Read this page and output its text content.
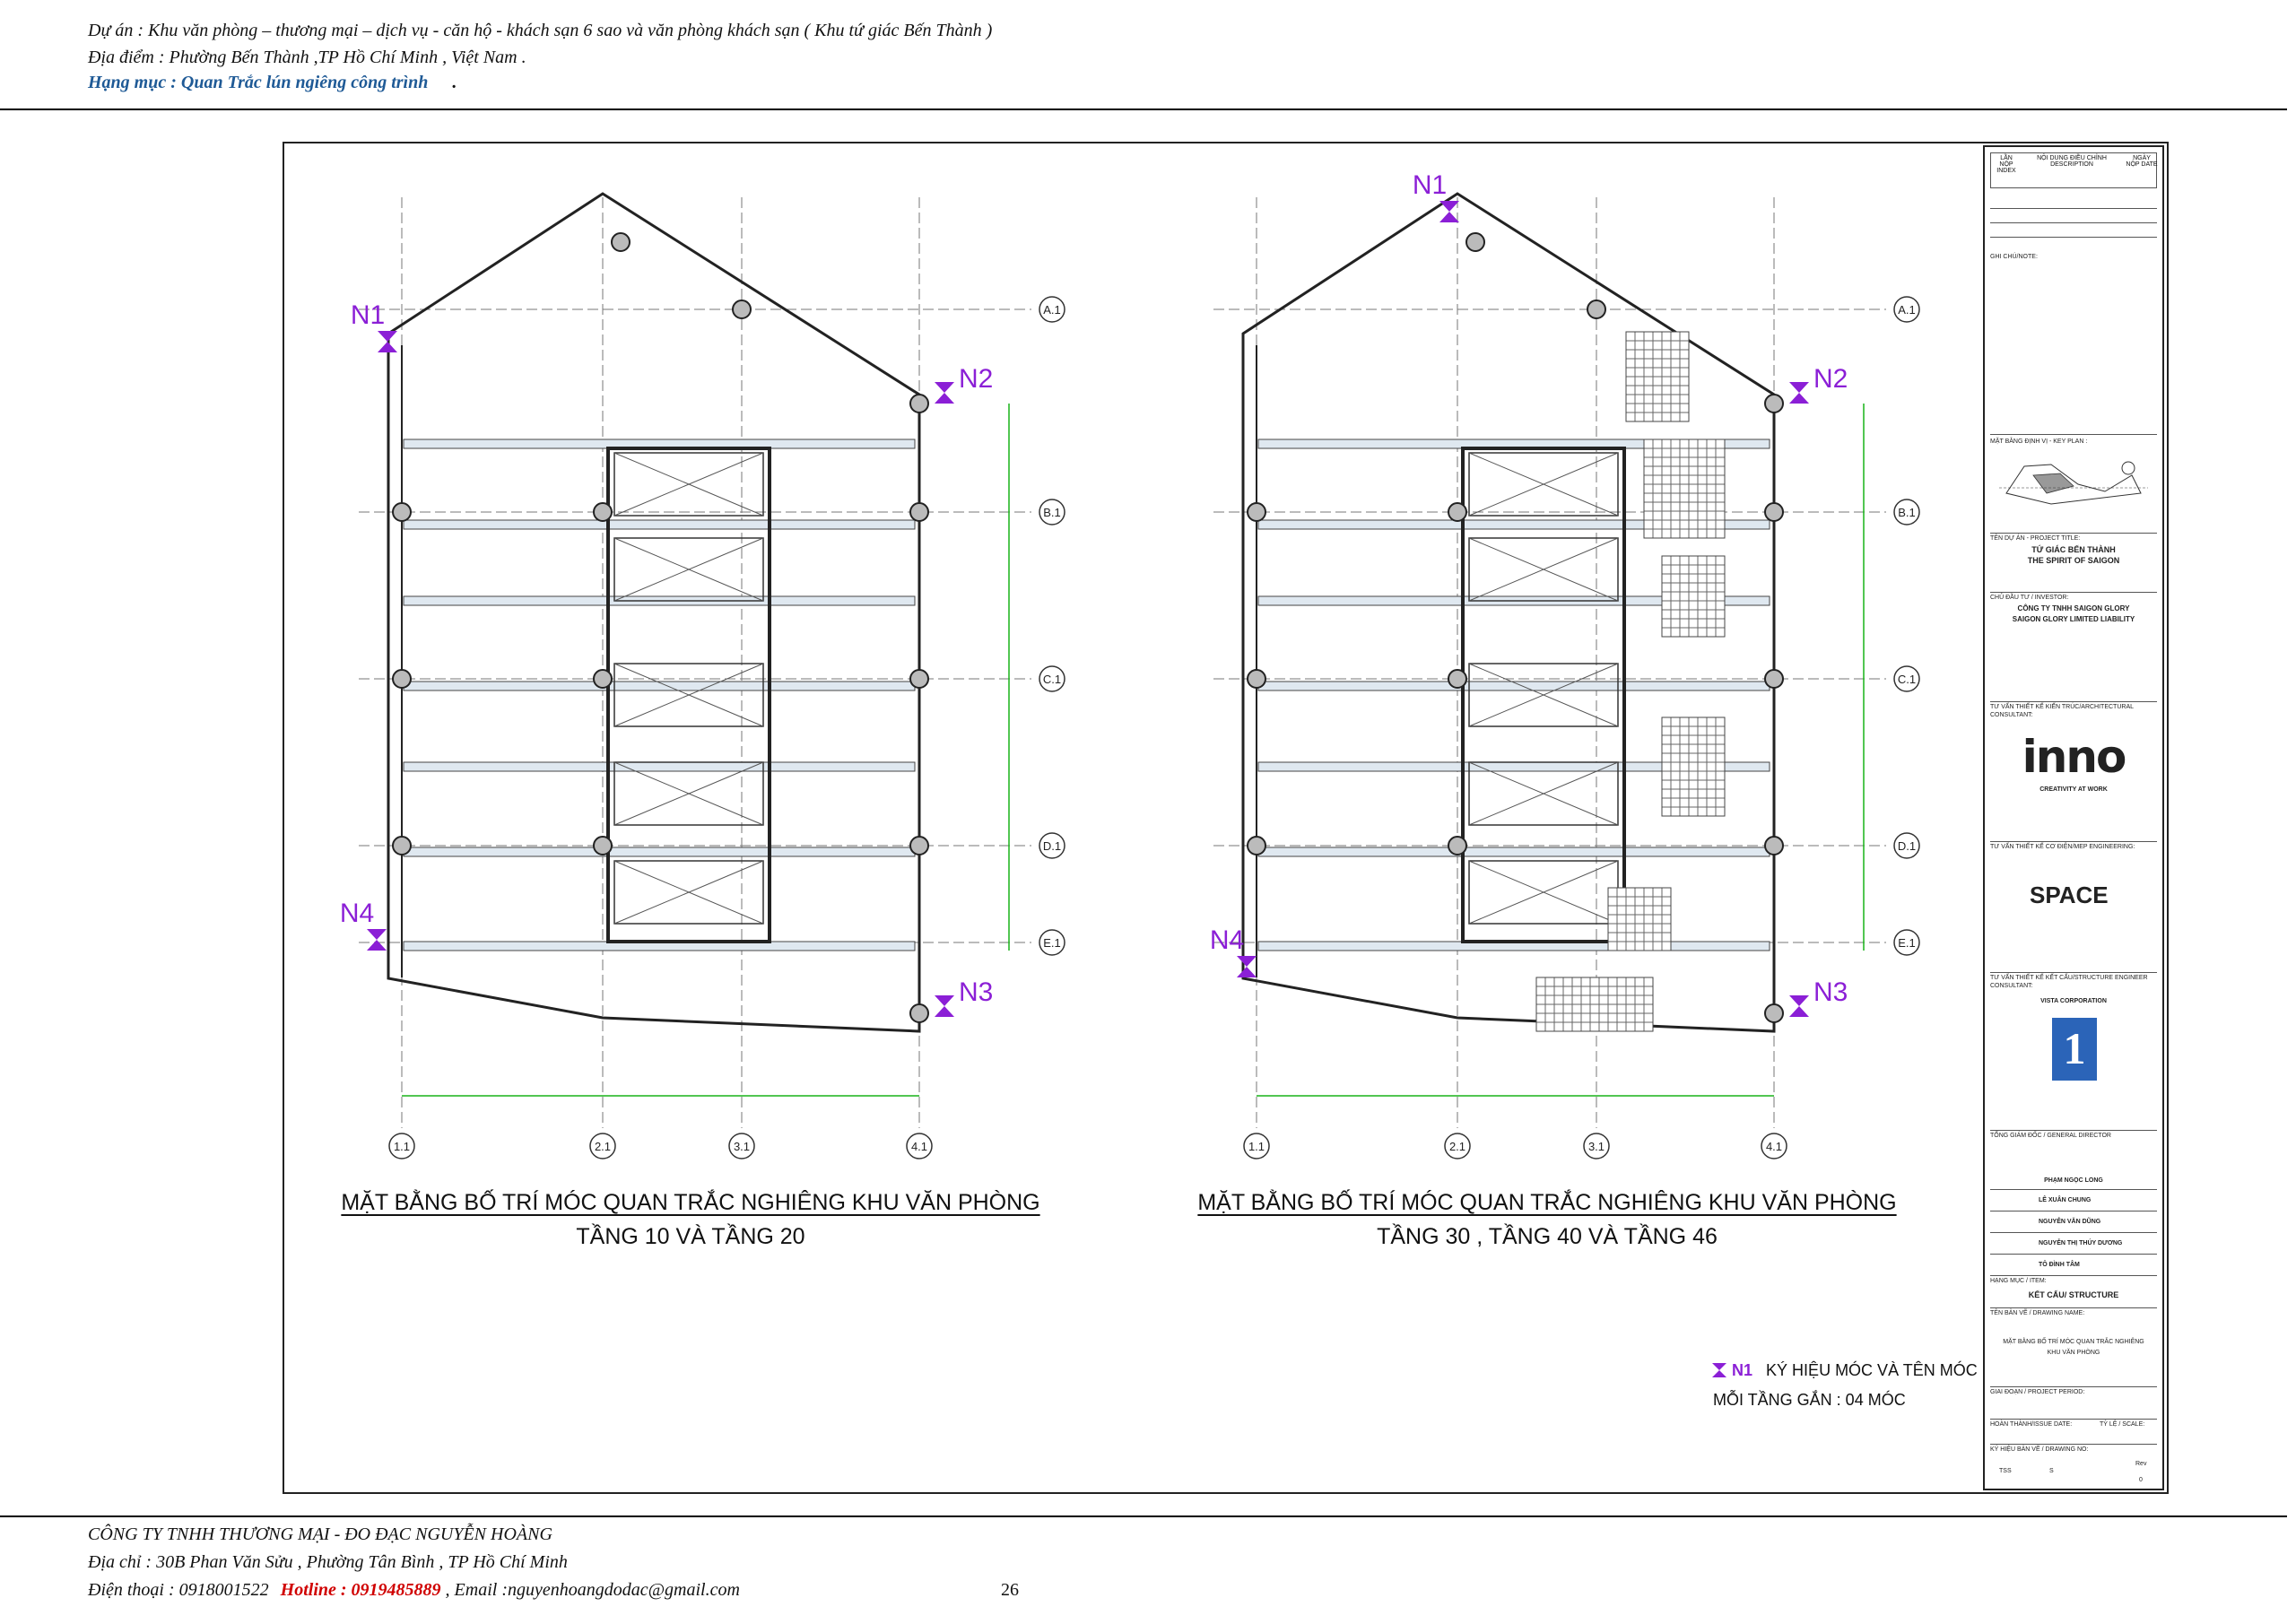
Dự án : Khu văn phòng – thương mại – dịch vụ - căn hộ - khách sạn 6 sao và văn phòng khách sạn ( Khu tứ giác Bến Thành )
Địa điểm : Phường Bến Thành ,TP Hồ Chí Minh , Việt Nam .
Hạng mục : Quan Trắc lún ngiêng công trình .
A.1
B.1
C.1
D.1
E.1
1.1	2.1	3.1	4.1
N1
N2
N3
N4
A.1
B.1
C.1
D.1
E.1
1.1	2.1	3.1	4.1
N1
N2
N3
N4
MẶT BẰNG BỐ TRÍ MÓC QUAN TRẮC NGHIÊNG KHU VĂN PHÒNG
TẦNG 10 VÀ TẦNG 20
MẶT BẰNG BỐ TRÍ MÓC QUAN TRẮC NGHIÊNG KHU VĂN PHÒNG
TẦNG 30 , TẦNG 40 VÀ TẦNG 46
N1 KÝ HIỆU MÓC VÀ TÊN MÓC
MỖI TẦNG GẮN : 04 MÓC
LẦN NỘP INDEX
NỘI DUNG ĐIỀU CHỈNH DESCRIPTION
NGÀY NỘP DATE
GHI CHÚ/NOTE:
MẶT BẰNG ĐỊNH VỊ - KEY PLAN :
TÊN DỰ ÁN - PROJECT TITLE:
TỨ GIÁC BẾN THÀNH
THE SPIRIT OF SAIGON
CHỦ ĐẦU TƯ / INVESTOR:
CÔNG TY TNHH SAIGON GLORY
SAIGON GLORY LIMITED LIABILITY
TƯ VẤN THIẾT KẾ KIẾN TRÚC/ARCHITECTURAL CONSULTANT:
inno
CREATIVITY AT WORK
TƯ VẤN THIẾT KẾ CƠ ĐIỆN/MEP ENGINEERING:
SPACE
TƯ VẤN THIẾT KẾ KẾT CẤU/STRUCTURE ENGINEER CONSULTANT:
VISTA CORPORATION
1
TỔNG GIÁM ĐỐC / GENERAL DIRECTOR
PHẠM NGỌC LONG
LÊ XUÂN CHUNG
NGUYỄN VĂN DŨNG
NGUYỄN THỊ THÚY DƯƠNG
TÔ ĐÌNH TÂM
HẠNG MỤC / ITEM:
KẾT CẤU/ STRUCTURE
TÊN BẢN VẼ / DRAWING NAME:
MẶT BẰNG BỐ TRÍ MÓC QUAN TRẮC NGHIÊNG
KHU VĂN PHÒNG
GIAI ĐOẠN / PROJECT PERIOD:
HOÀN THÀNH/ISSUE DATE:	TỶ LỆ / SCALE:
KÝ HIỆU BẢN VẼ / DRAWING NO:
TSS	S
Rev
0
CÔNG TY TNHH THƯƠNG MẠI - ĐO ĐẠC NGUYỄN HOÀNG
Địa chỉ : 30B Phan Văn Sửu , Phường Tân Bình , TP Hồ Chí Minh
Điện thoại : 0918001522 Hotline : 0919485889 , Email :nguyenhoangdodac@gmail.com	26
